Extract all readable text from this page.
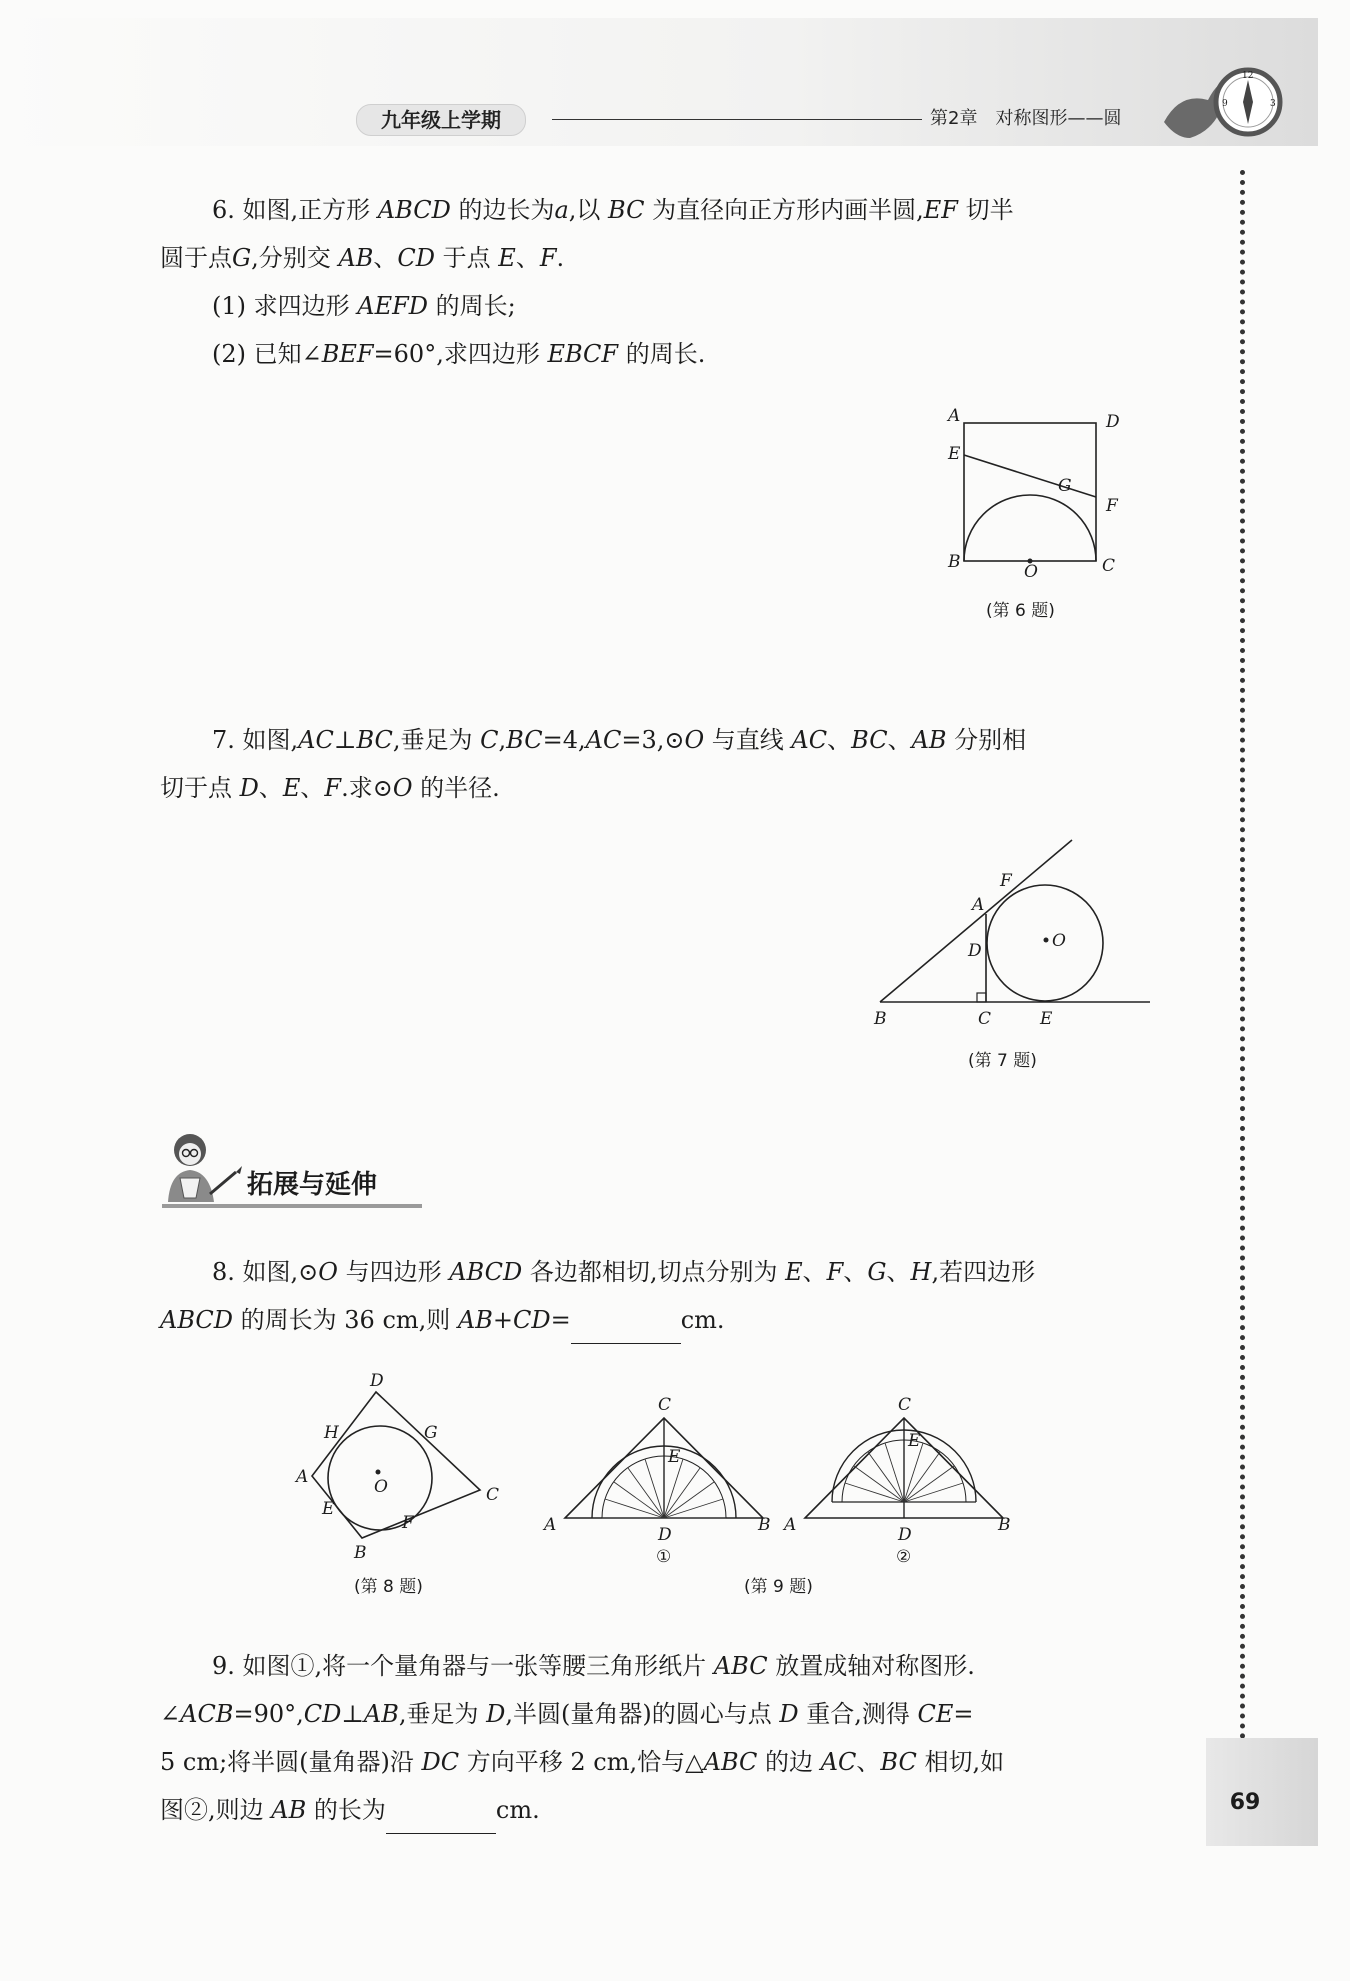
九年级上学期	第2章　对称图形——圆
12
3
9
69
6. 如图,正方形 ABCD 的边长为a,以 BC 为直径向正方形内画半圆,EF 切半
圆于点G,分别交 AB、CD 于点 E、F.
(1) 求四边形 AEFD 的周长;
(2) 已知∠BEF=60°,求四边形 EBCF 的周长.
A	D
E
G
F
B	O	C
(第 6 题)
7. 如图,AC⊥BC,垂足为 C,BC=4,AC=3,⊙O 与直线 AC、BC、AB 分别相
切于点 D、E、F.求⊙O 的半径.
F
A
D	O
B	C	E
(第 7 题)
拓展与延伸
8. 如图,⊙O 与四边形 ABCD 各边都相切,切点分别为 E、F、G、H,若四边形
ABCD 的周长为 36 cm,则 AB+CD=	cm.
D
H	G
A	O	C
E
F
B
(第 8 题)
C
E
A	D	B
①
C
E
A	D	B
②
(第 9 题)
9. 如图①,将一个量角器与一张等腰三角形纸片 ABC 放置成轴对称图形.
∠ACB=90°,CD⊥AB,垂足为 D,半圆(量角器)的圆心与点 D 重合,测得 CE=
5 cm;将半圆(量角器)沿 DC 方向平移 2 cm,恰与△ABC 的边 AC、BC 相切,如
图②,则边 AB 的长为	cm.
